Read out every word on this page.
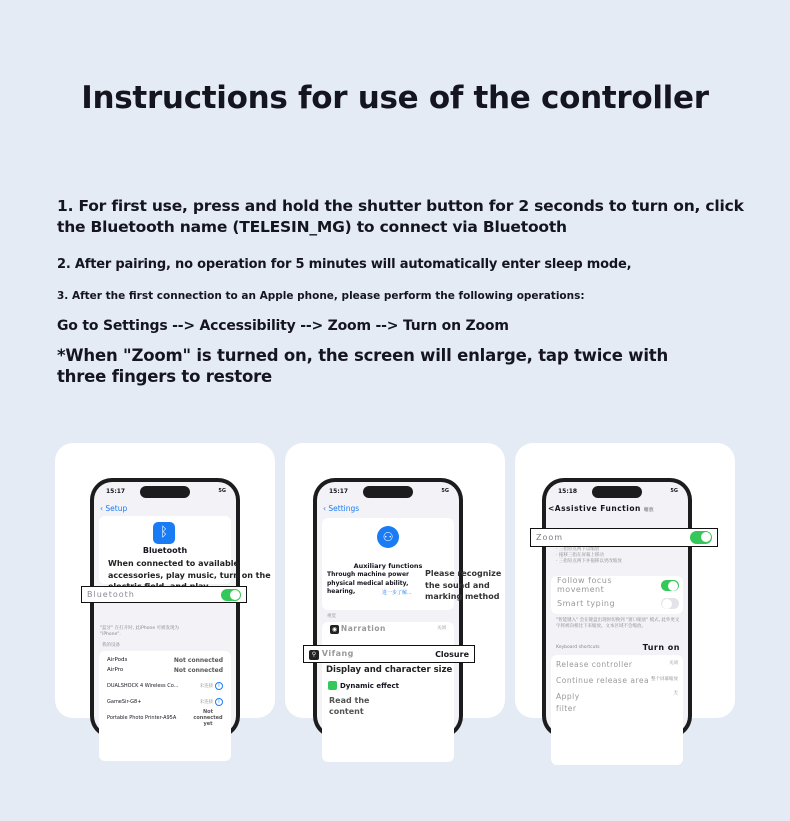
Instructions for use of the controller
1. For first use, press and hold the shutter button for 2 seconds to turn on, click the Bluetooth name (TELESIN_MG) to connect via Bluetooth
2. After pairing, no operation for 5 minutes will automatically enter sleep mode,
3. After the first connection to an Apple phone, please perform the following operations:
Go to Settings --> Accessibility --> Zoom --> Turn on Zoom
*When "Zoom" is turned on, the screen will enlarge, tap twice with three fingers to restore
15:17	5G
‹ Setup
ᛒ
Bluetooth
"蓝牙" 在打开时, 此iPhone 可被发现为
"iPhone".
我的设备
AirPods	Not connected
AirPro	Not connected
DUALSHOCK 4 Wireless Co...	未连接 i
GameSir-G8+	未连接 i
Portable Photo Printer-A95A
Not connected yet
When connected to available accessories, play music, turn on the
Bluetooth
15:17	5G
‹ Settings
⚇
Auxiliary functions
Through machine power physical medical ability, hearing,	进一步了解...
视觉
◉ Narration	关闭
Please recognize the sound and marking method
⚲ Vifang	Closure
Display and character size
Dynamic effect
Read the content
15:18	5G
<Assistive Function 缩放

· 三指轻点两下以缩放
· 拖移三指在屏幕上移动
· 三指轻点两下并拖移以更改缩放
Follow focus movement
Smart typing
"智能键入" 会在键盘出现时切换到 "窗口缩放" 模式, 此外更文字将被向相比下来缩放。文本区域不会缩放。
Keyboard shortcuts	Turn on
Release controller	关闭
Continue release area 整个屏幕缩放
Apply filter
无
Zoom
